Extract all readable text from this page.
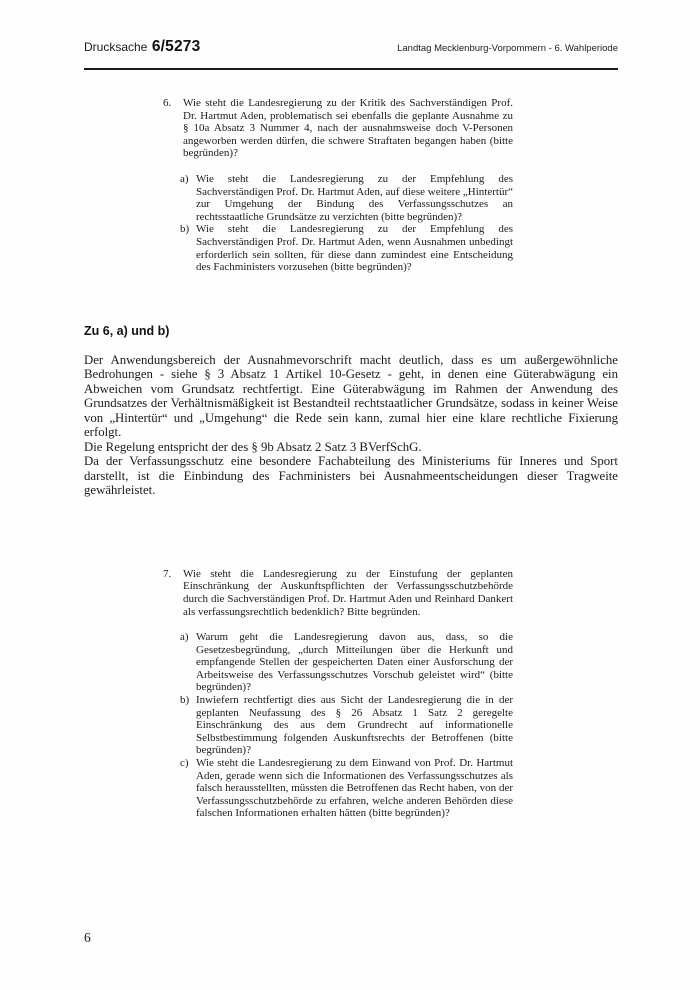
Drucksache 6/5273	Landtag Mecklenburg-Vorpommern - 6. Wahlperiode
6.	Wie steht die Landesregierung zu der Kritik des Sachverständigen Prof. Dr. Hartmut Aden, problematisch sei ebenfalls die geplante Ausnahme zu § 10a Absatz 3 Nummer 4, nach der ausnahmsweise doch V-Personen angeworben werden dürfen, die schwere Straftaten begangen haben (bitte begründen)?

a) Wie steht die Landesregierung zu der Empfehlung des Sachverständigen Prof. Dr. Hartmut Aden, auf diese weitere „Hintertür“ zur Umgehung der Bindung des Verfassungsschutzes an rechtsstaatliche Grundsätze zu verzichten (bitte begründen)?

b) Wie steht die Landesregierung zu der Empfehlung des Sachverständigen Prof. Dr. Hartmut Aden, wenn Ausnahmen unbedingt erforderlich sein sollten, für diese dann zumindest eine Entscheidung des Fachministers vorzusehen (bitte begründen)?

Zu 6, a) und b)

Der Anwendungsbereich der Ausnahmevorschrift macht deutlich, dass es um außergewöhnliche Bedrohungen - siehe § 3 Absatz 1 Artikel 10-Gesetz - geht, in denen eine Güterabwägung ein Abweichen vom Grundsatz rechtfertigt. Eine Güterabwägung im Rahmen der Anwendung des Grundsatzes der Verhältnismäßigkeit ist Bestandteil rechtstaatlicher Grundsätze, sodass in keiner Weise von „Hintertür“ und „Umgehung“ die Rede sein kann, zumal hier eine klare rechtliche Fixierung erfolgt.

Die Regelung entspricht der des § 9b Absatz 2 Satz 3 BVerfSchG.

Da der Verfassungsschutz eine besondere Fachabteilung des Ministeriums für Inneres und Sport darstellt, ist die Einbindung des Fachministers bei Ausnahmeentscheidungen dieser Tragweite gewährleistet.

7.	Wie steht die Landesregierung zu der Einstufung der geplanten Einschränkung der Auskunftspflichten der Verfassungsschutzbehörde durch die Sachverständigen Prof. Dr. Hartmut Aden und Reinhard Dankert als verfassungsrechtlich bedenklich? Bitte begründen.

a) Warum geht die Landesregierung davon aus, dass, so die Gesetzesbegründung, „durch Mitteilungen über die Herkunft und empfangende Stellen der gespeicherten Daten einer Ausforschung der Arbeitsweise des Verfassungsschutzes Vorschub geleistet wird“ (bitte begründen)?

b) Inwiefern rechtfertigt dies aus Sicht der Landesregierung die in der geplanten Neufassung des § 26 Absatz 1 Satz 2 geregelte Einschränkung des aus dem Grundrecht auf informationelle Selbstbestimmung folgenden Auskunftsrechts der Betroffenen (bitte begründen)?

c) Wie steht die Landesregierung zu dem Einwand von Prof. Dr. Hartmut Aden, gerade wenn sich die Informationen des Verfassungsschutzes als falsch herausstellten, müssten die Betroffenen das Recht haben, von der Verfassungsschutzbehörde zu erfahren, welche anderen Behörden diese falschen Informationen erhalten hätten (bitte begründen)?

6
